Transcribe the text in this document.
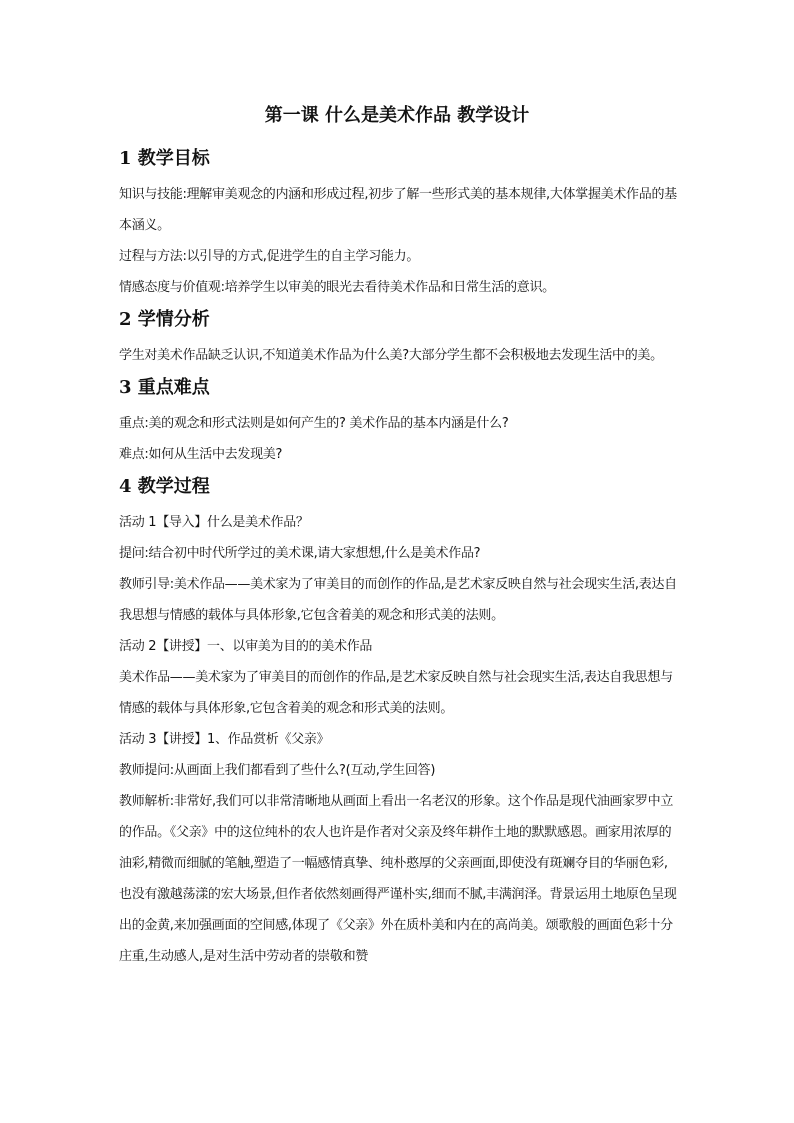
第一课 什么是美术作品 教学设计
1 教学目标

知识与技能:理解审美观念的内涵和形成过程,初步了解一些形式美的基本规律,大体掌握美术作品的基本涵义。

过程与方法:以引导的方式,促进学生的自主学习能力。

情感态度与价值观:培养学生以审美的眼光去看待美术作品和日常生活的意识。

2 学情分析

学生对美术作品缺乏认识,不知道美术作品为什么美?大部分学生都不会积极地去发现生活中的美。

3 重点难点

重点:美的观念和形式法则是如何产生的? 美术作品的基本内涵是什么?

难点:如何从生活中去发现美?

4 教学过程

活动 1【导入】什么是美术作品？

提问:结合初中时代所学过的美术课,请大家想想,什么是美术作品?

教师引导:美术作品——美术家为了审美目的而创作的作品,是艺术家反映自然与社会现实生活,表达自我思想与情感的载体与具体形象,它包含着美的观念和形式美的法则。

活动 2【讲授】一、以审美为目的的美术作品

美术作品——美术家为了审美目的而创作的作品,是艺术家反映自然与社会现实生活,表达自我思想与情感的载体与具体形象,它包含着美的观念和形式美的法则。

活动 3【讲授】1、作品赏析《父亲》

教师提问:从画面上我们都看到了些什么?(互动,学生回答)

教师解析:非常好,我们可以非常清晰地从画面上看出一名老汉的形象。这个作品是现代油画家罗中立的作品。《父亲》中的这位纯朴的农人也许是作者对父亲及终年耕作土地的默默感恩。画家用浓厚的油彩,精微而细腻的笔触,塑造了一幅感情真挚、纯朴憨厚的父亲画面,即使没有斑斓夺目的华丽色彩,也没有激越荡漾的宏大场景,但作者依然刻画得严谨朴实,细而不腻,丰满润泽。背景运用土地原色呈现出的金黄,来加强画面的空间感,体现了《父亲》外在质朴美和内在的高尚美。颂歌般的画面色彩十分庄重,生动感人,是对生活中劳动者的崇敬和赞
